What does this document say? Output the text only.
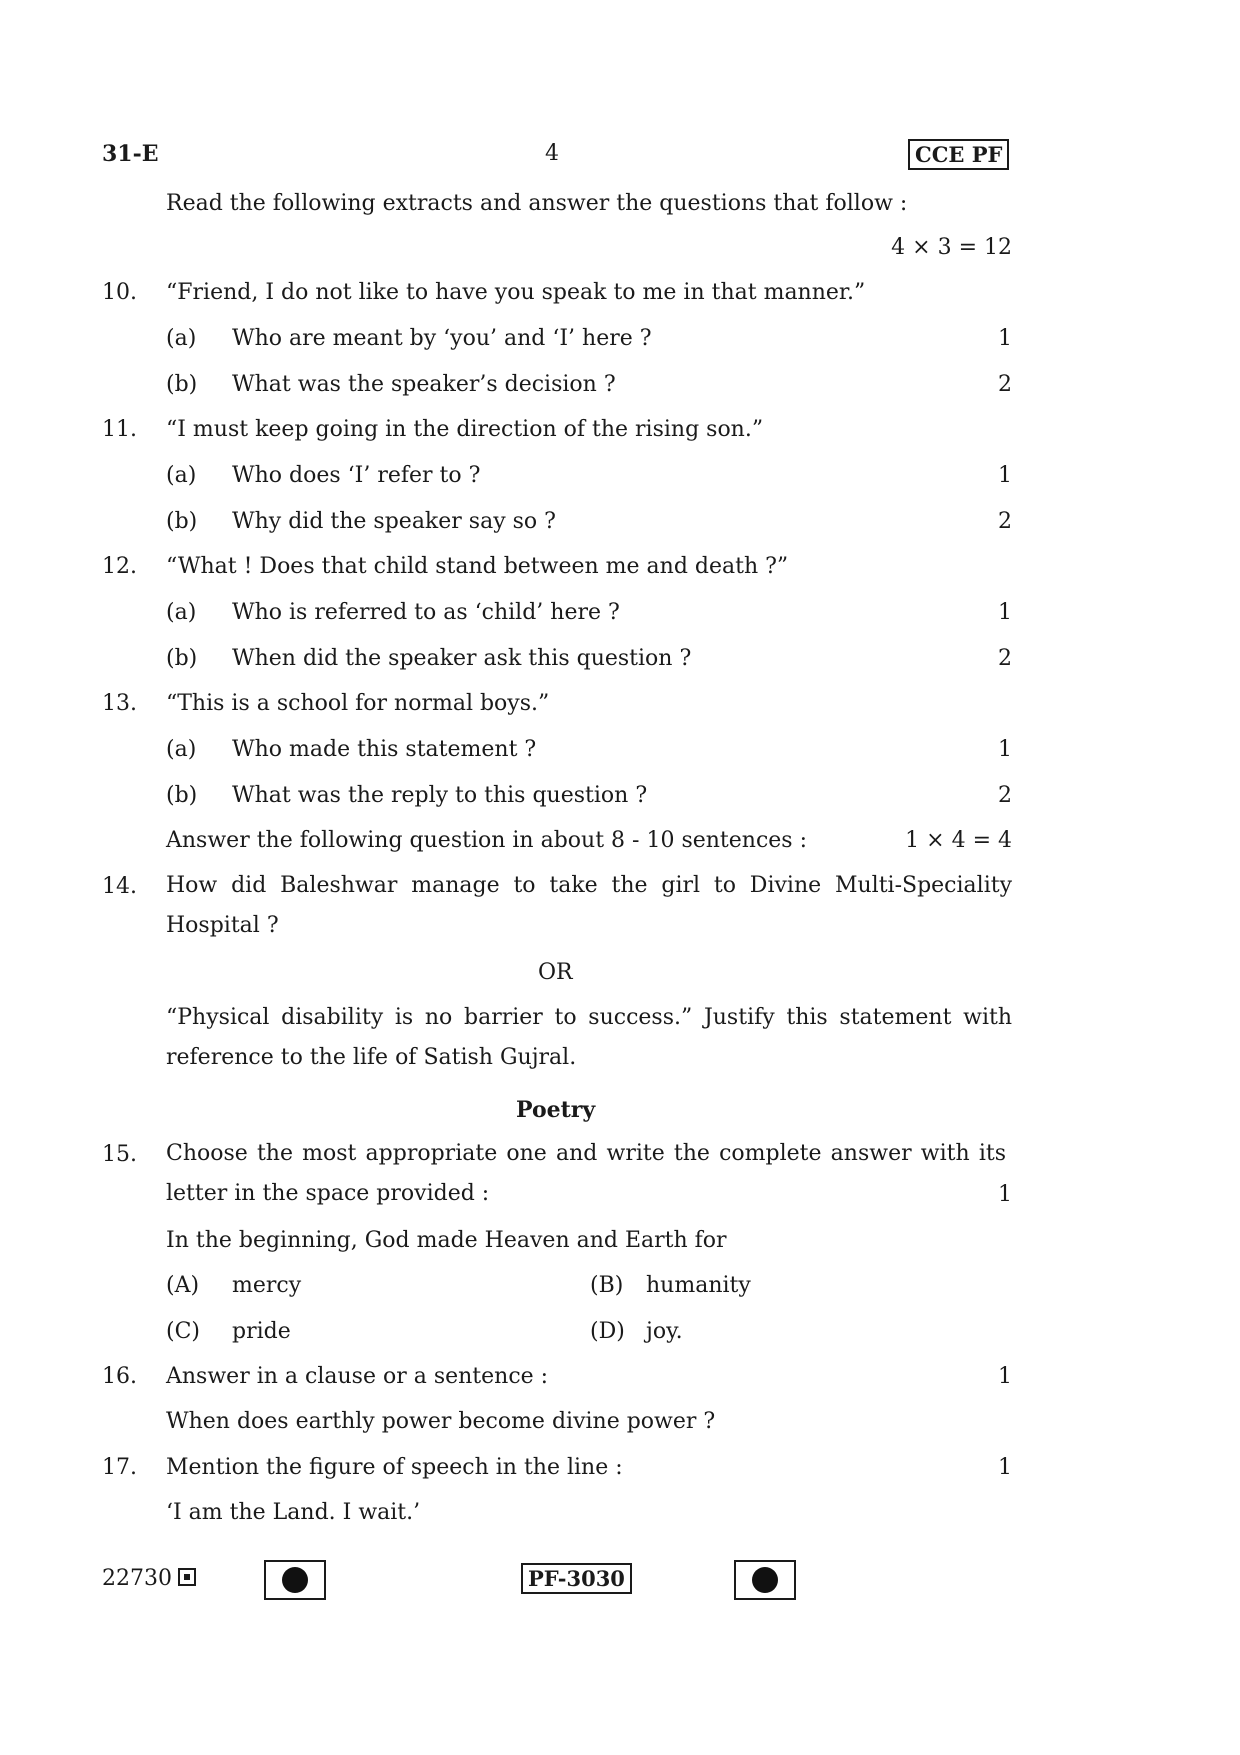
31-E	4	CCE PF
Read the following extracts and answer the questions that follow :
4 × 3 = 12
10. “Friend, I do not like to have you speak to me in that manner.”
(a) Who are meant by ‘you’ and ‘I’ here ?	1
(b) What was the speaker’s decision ?	2
11. “I must keep going in the direction of the rising son.”
(a) Who does ‘I’ refer to ?	1
(b) Why did the speaker say so ?	2
12. “What ! Does that child stand between me and death ?”
(a) Who is referred to as ‘child’ here ?	1
(b) When did the speaker ask this question ?	2
13. “This is a school for normal boys.”
(a) Who made this statement ?	1
(b) What was the reply to this question ?	2
Answer the following question in about 8 - 10 sentences :	1 × 4 = 4
14. How did Baleshwar manage to take the girl to Divine Multi-Speciality Hospital ?
OR
“Physical disability is no barrier to success.” Justify this statement with reference to the life of Satish Gujral.
Poetry
15. Choose the most appropriate one and write the complete answer with its letter in the space provided :	1
In the beginning, God made Heaven and Earth for
(A) mercy	(B) humanity
(C) pride	(D) joy.
16. Answer in a clause or a sentence :	1
When does earthly power become divine power ?
17. Mention the figure of speech in the line :	1
‘I am the Land. I wait.’
22730	PF-3030
